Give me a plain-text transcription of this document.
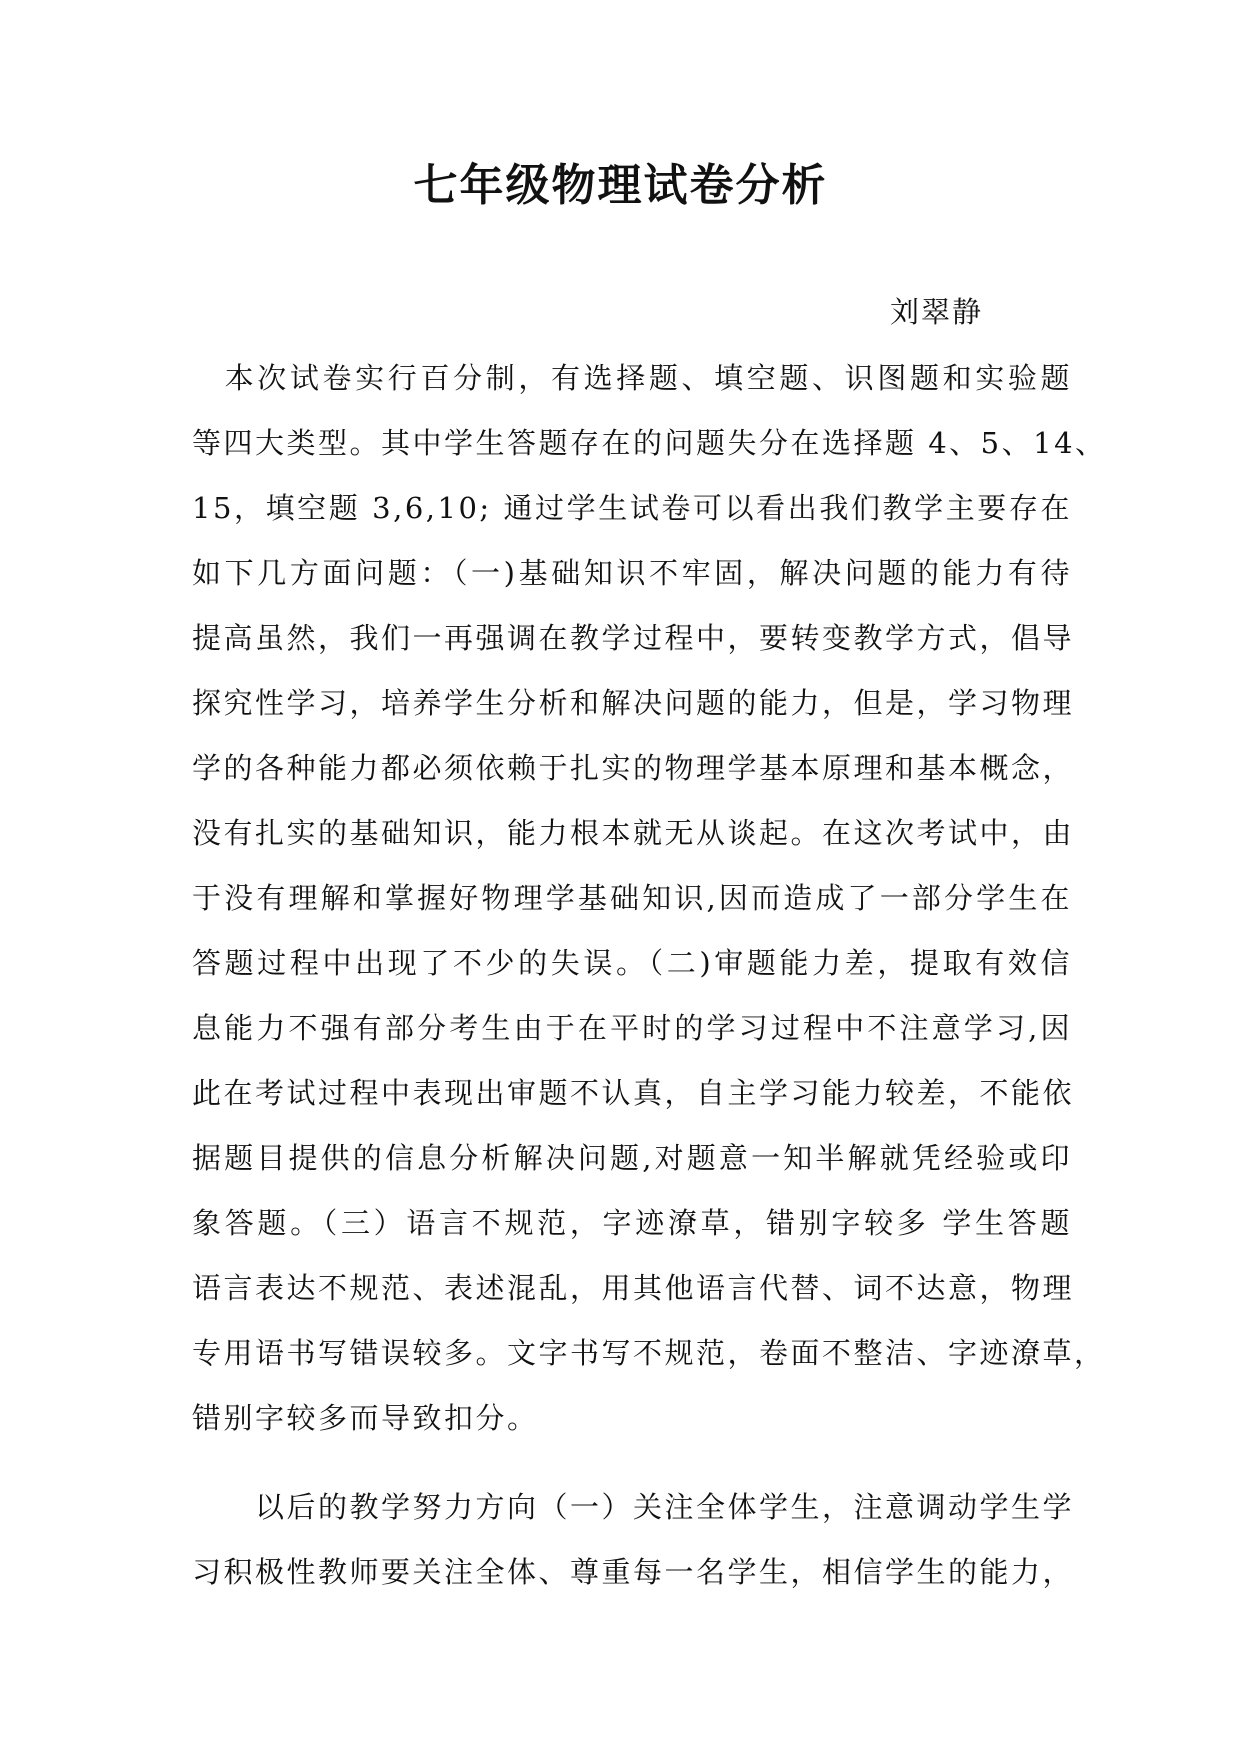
七年级物理试卷分析
刘翠静
　本次试卷实行百分制，有选择题、填空题、识图题和实验题
等四大类型。其中学生答题存在的问题失分在选择题 4、5、14、
15，填空题 3,6,10; 通过学生试卷可以看出我们教学主要存在
如下几方面问题：（一)基础知识不牢固，解决问题的能力有待
提高虽然，我们一再强调在教学过程中，要转变教学方式，倡导
探究性学习，培养学生分析和解决问题的能力，但是，学习物理
学的各种能力都必须依赖于扎实的物理学基本原理和基本概念，
没有扎实的基础知识，能力根本就无从谈起。在这次考试中，由
于没有理解和掌握好物理学基础知识,因而造成了一部分学生在
答题过程中出现了不少的失误。（二)审题能力差，提取有效信
息能力不强有部分考生由于在平时的学习过程中不注意学习,因
此在考试过程中表现出审题不认真，自主学习能力较差，不能依
据题目提供的信息分析解决问题,对题意一知半解就凭经验或印
象答题。（三）语言不规范，字迹潦草，错别字较多 学生答题
语言表达不规范、表述混乱，用其他语言代替、词不达意，物理
专用语书写错误较多。文字书写不规范，卷面不整洁、字迹潦草，
错别字较多而导致扣分。
　　以后的教学努力方向（一）关注全体学生，注意调动学生学
习积极性教师要关注全体、尊重每一名学生，相信学生的能力，
